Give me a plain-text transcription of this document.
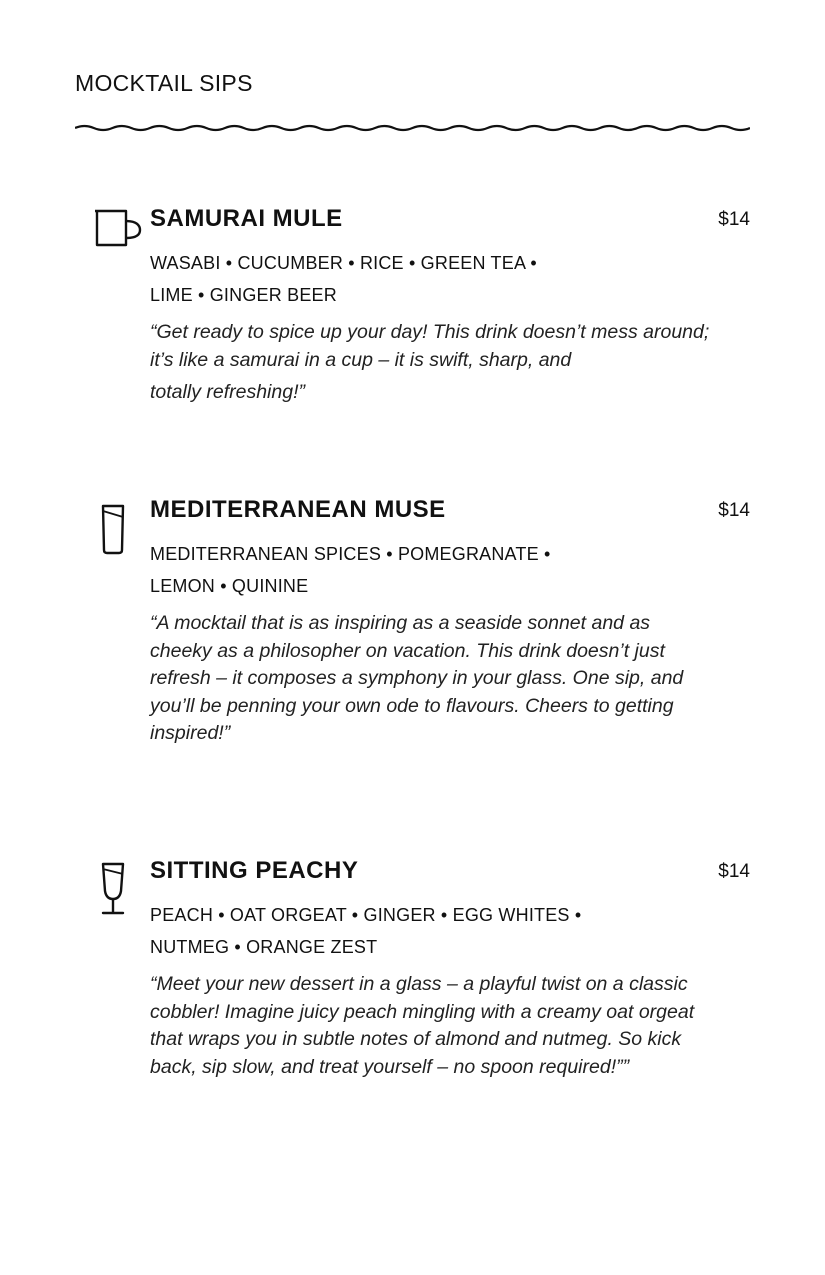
MOCKTAIL SIPS
SAMURAI MULE	$14
WASABI • CUCUMBER • RICE • GREEN TEA •
LIME • GINGER BEER
“Get ready to spice up your day! This drink doesn’t mess around;
it’s like a samurai in a cup – it is swift, sharp, and
totally refreshing!”
MEDITERRANEAN MUSE	$14
MEDITERRANEAN SPICES • POMEGRANATE •
LEMON • QUININE
“A mocktail that is as inspiring as a seaside sonnet and as
cheeky as a philosopher on vacation. This drink doesn’t just
refresh – it composes a symphony in your glass. One sip, and
you’ll be penning your own ode to flavours. Cheers to getting
inspired!”
SITTING PEACHY	$14
PEACH • OAT ORGEAT • GINGER • EGG WHITES •
NUTMEG • ORANGE ZEST
“Meet your new dessert in a glass – a playful twist on a classic
cobbler! Imagine juicy peach mingling with a creamy oat orgeat
that wraps you in subtle notes of almond and nutmeg. So kick
back, sip slow, and treat yourself – no spoon required!””
